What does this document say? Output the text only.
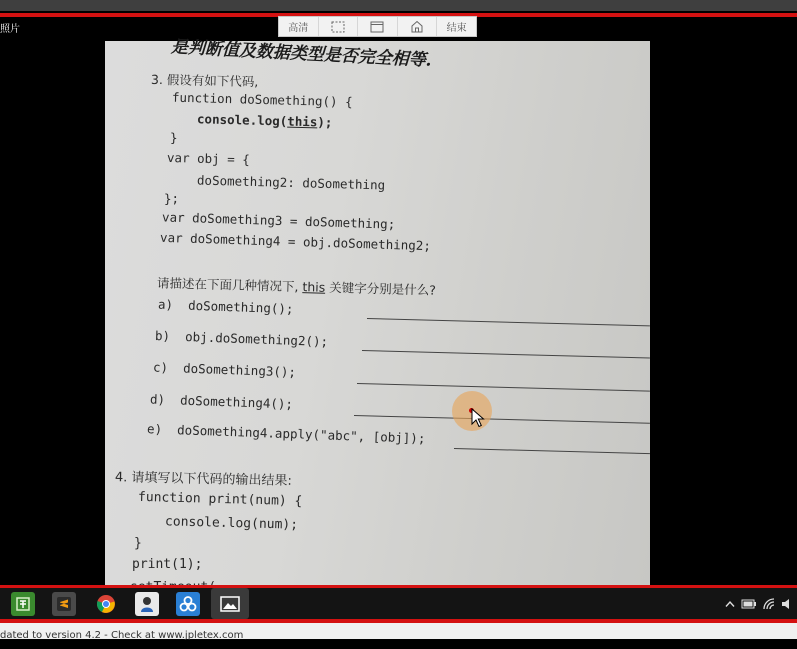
照片	高清	结束
是判断值及数据类型是否完全相等.
3. 假设有如下代码,
function doSomething() {
console.log(this);
}
var obj = {
doSomething2: doSomething
};
var doSomething3 = doSomething;
var doSomething4 = obj.doSomething2;
请描述在下面几种情况下, this 关键字分别是什么?
a) doSomething();
b) obj.doSomething2();
c) doSomething3();
d) doSomething4();
e) doSomething4.apply("abc", [obj]);
4. 请填写以下代码的输出结果:
function print(num) {
console.log(num);
}
print(1);
dated to version 4.2 - Check at www.jpletex.com
